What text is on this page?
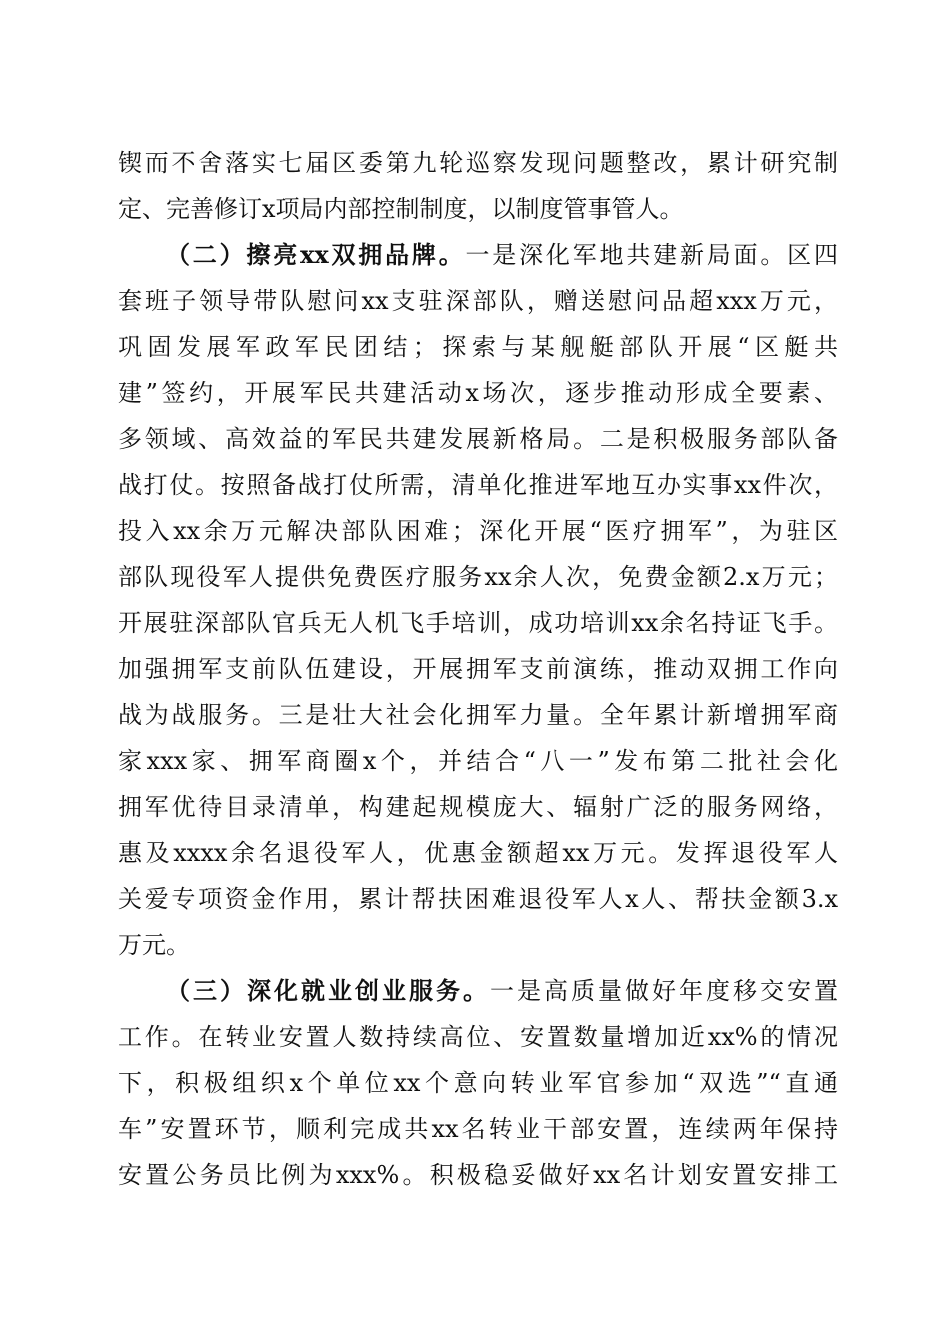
锲而不舍落实七届区委第九轮巡察发现问题整改，累计研究制
定、完善修订x项局内部控制制度，以制度管事管人。
（二）擦亮xx双拥品牌。一是深化军地共建新局面。区四
套班子领导带队慰问xx支驻深部队，赠送慰问品超xxx万元，
巩固发展军政军民团结；探索与某舰艇部队开展“区艇共
建”签约，开展军民共建活动x场次，逐步推动形成全要素、
多领域、高效益的军民共建发展新格局。二是积极服务部队备
战打仗。按照备战打仗所需，清单化推进军地互办实事xx件次，
投入xx余万元解决部队困难；深化开展“医疗拥军”，为驻区
部队现役军人提供免费医疗服务xx余人次，免费金额2.x万元；
开展驻深部队官兵无人机飞手培训，成功培训xx余名持证飞手。
加强拥军支前队伍建设，开展拥军支前演练，推动双拥工作向
战为战服务。三是壮大社会化拥军力量。全年累计新增拥军商
家xxx家、拥军商圈x个，并结合“八一”发布第二批社会化
拥军优待目录清单，构建起规模庞大、辐射广泛的服务网络，
惠及xxxx余名退役军人，优惠金额超xx万元。发挥退役军人
关爱专项资金作用，累计帮扶困难退役军人x人、帮扶金额3.x
万元。
（三）深化就业创业服务。一是高质量做好年度移交安置
工作。在转业安置人数持续高位、安置数量增加近xx%的情况
下，积极组织x个单位xx个意向转业军官参加“双选”“直通
车”安置环节，顺利完成共xx名转业干部安置，连续两年保持
安置公务员比例为xxx%。积极稳妥做好xx名计划安置安排工
